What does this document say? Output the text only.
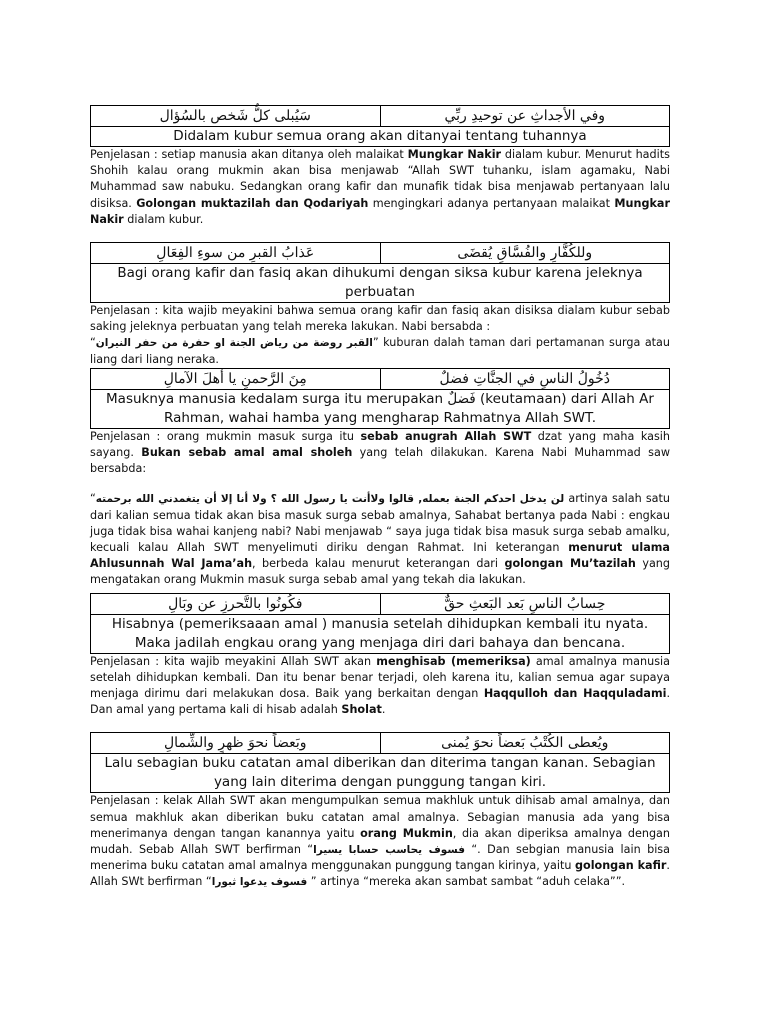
سَيُبلى كلُّ شَخص بالسُؤال	وفي الأجداثِ عن توحيدِ ربِّي
Didalam kubur semua orang akan ditanyai tentang tuhannya

Penjelasan : setiap manusia akan ditanya oleh malaikat Mungkar Nakir dialam kubur. Menurut hadits Shohih kalau orang mukmin akan bisa menjawab “Allah SWT tuhanku, islam agamaku, Nabi Muhammad saw nabuku. Sedangkan orang kafir dan munafik tidak bisa menjawab pertanyaan lalu disiksa. Golongan muktazilah dan Qodariyah mengingkari adanya pertanyaan malaikat Mungkar Nakir dialam kubur.

عَذابُ القبرِ من سوءِ الفِعَالِ	وللكُفَّارِ والفُسَّاقِ يُقضَى
Bagi orang kafir dan fasiq akan dihukumi dengan siksa kubur karena jeleknya perbuatan

Penjelasan : kita wajib meyakini bahwa semua orang kafir dan fasiq akan disiksa dialam kubur sebab saking jeleknya perbuatan yang telah mereka lakukan. Nabi bersabda :
“القبر روضة من رياض الجنة او حفرة من حفر النيران” kuburan dalah taman dari pertamanan surga atau liang dari liang neraka.

مِنَ الرَّحمنِ يا أهلَ الآمالِ	دُخُولُ الناسِ في الجنَّاتِ فضلٌ
Masuknya manusia kedalam surga itu merupakan فَضلٌ (keutamaan) dari Allah Ar Rahman, wahai hamba yang mengharap Rahmatnya Allah SWT.

Penjelasan : orang mukmin masuk surga itu sebab anugrah Allah SWT dzat yang maha kasih sayang. Bukan sebab amal amal sholeh yang telah dilakukan. Karena Nabi Muhammad saw bersabda:

“لن يدخل احدكم الجنة بعمله, قالوا ولاأنت يا رسول الله ؟ ولا أنا إلا أن يتغمدني الله برحمته artinya salah satu dari kalian semua tidak akan bisa masuk surga sebab amalnya, Sahabat bertanya pada Nabi : engkau juga tidak bisa wahai kanjeng nabi? Nabi menjawab “ saya juga tidak bisa masuk surga sebab amalku, kecuali kalau Allah SWT menyelimuti diriku dengan Rahmat. Ini keterangan menurut ulama Ahlusunnah Wal Jama’ah, berbeda kalau menurut keterangan dari golongan Mu’tazilah yang mengatakan orang Mukmin masuk surga sebab amal yang tekah dia lakukan.

فكُونُوا بالتَّحرزِ عن وبَالِ	حِسابُ الناسِ بَعد البَعثِ حقٌّ
Hisabnya (pemeriksaaan amal ) manusia setelah dihidupkan kembali itu nyata. Maka jadilah engkau orang yang menjaga diri dari bahaya dan bencana.

Penjelasan : kita wajib meyakini Allah SWT akan menghisab (memeriksa) amal amalnya manusia setelah dihidupkan kembali. Dan itu benar benar terjadi, oleh karena itu, kalian semua agar supaya menjaga dirimu dari melakukan dosa. Baik yang berkaitan dengan Haqqulloh dan Haqquladami. Dan amal yang pertama kali di hisab adalah Sholat.

وبَعضاً نحوَ ظهرٍ والشِّمالِ	ويُعطى الكُتْبُ بَعضاً نحوَ يُمنى
Lalu sebagian buku catatan amal diberikan dan diterima tangan kanan. Sebagian yang lain diterima dengan punggung tangan kiri.

Penjelasan : kelak Allah SWT akan mengumpulkan semua makhluk untuk dihisab amal amalnya, dan semua makhluk akan diberikan buku catatan amal amalnya. Sebagian manusia ada yang bisa menerimanya dengan tangan kanannya yaitu orang Mukmin, dia akan diperiksa amalnya dengan mudah. Sebab Allah SWT berfirman “فسوف يحاسب حسابا يسيرا “. Dan sebgian manusia lain bisa menerima buku catatan amal amalnya menggunakan punggung tangan kirinya, yaitu golongan kafir. Allah SWt berfirman “فسوف يدعوا ثبورا ” artinya “mereka akan sambat sambat “aduh celaka””.
